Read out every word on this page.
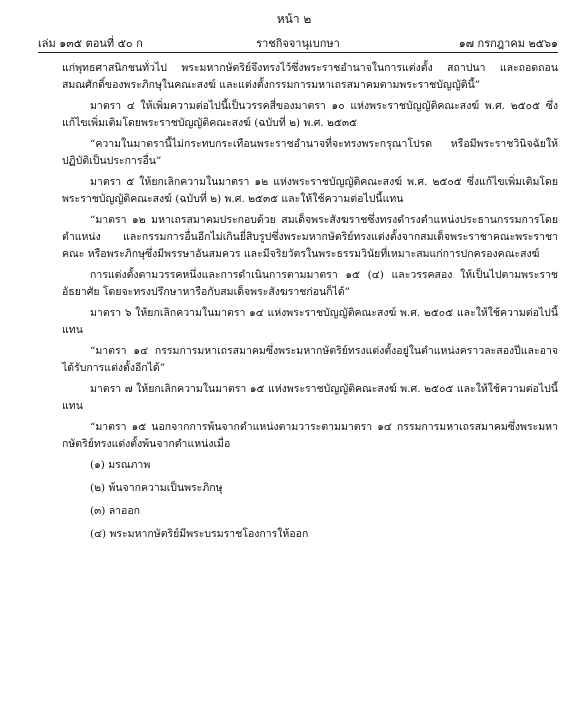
หน้า ๒
ราชกิจจานุเบกษา
เล่ม ๑๓๕ ตอนที่ ๕๐ ก	๑๗ กรกฎาคม ๒๕๖๑

แก่พุทธศาสนิกชนทั่วไป พระมหากษัตริย์จึงทรงไว้ซึ่งพระราชอำนาจในการแต่งตั้ง สถาปนา และถอดถอนสมณศักดิ์ของพระภิกษุในคณะสงฆ์ และแต่งตั้งกรรมการมหาเถรสมาคมตามพระราชบัญญัตินี้”

มาตรา ๔ ให้เพิ่มความต่อไปนี้เป็นวรรคสี่ของมาตรา ๑๐ แห่งพระราชบัญญัติคณะสงฆ์ พ.ศ. ๒๕๐๕ ซึ่งแก้ไขเพิ่มเติมโดยพระราชบัญญัติคณะสงฆ์ (ฉบับที่ ๒) พ.ศ. ๒๕๓๕

“ความในมาตรานี้ไม่กระทบกระเทือนพระราชอำนาจที่จะทรงพระกรุณาโปรด หรือมีพระราชวินิจฉัยให้ปฏิบัติเป็นประการอื่น”

มาตรา ๕ ให้ยกเลิกความในมาตรา ๑๒ แห่งพระราชบัญญัติคณะสงฆ์ พ.ศ. ๒๕๐๕ ซึ่งแก้ไขเพิ่มเติมโดยพระราชบัญญัติคณะสงฆ์ (ฉบับที่ ๒) พ.ศ. ๒๕๓๕ และให้ใช้ความต่อไปนี้แทน

“มาตรา ๑๒ มหาเถรสมาคมประกอบด้วย สมเด็จพระสังฆราชซึ่งทรงดำรงตำแหน่งประธานกรรมการโดยตำแหน่ง และกรรมการอื่นอีกไม่เกินยี่สิบรูปซึ่งพระมหากษัตริย์ทรงแต่งตั้งจากสมเด็จพระราชาคณะพระราชาคณะ หรือพระภิกษุซึ่งมีพรรษาอันสมควร และมีจริยวัตรในพระธรรมวินัยที่เหมาะสมแก่การปกครองคณะสงฆ์

การแต่งตั้งตามวรรคหนึ่งและการดำเนินการตามมาตรา ๑๕ (๔) และวรรคสอง ให้เป็นไปตามพระราชอัธยาศัย โดยจะทรงปรึกษาหารือกับสมเด็จพระสังฆราชก่อนก็ได้”

มาตรา ๖ ให้ยกเลิกความในมาตรา ๑๔ แห่งพระราชบัญญัติคณะสงฆ์ พ.ศ. ๒๕๐๕ และให้ใช้ความต่อไปนี้แทน

“มาตรา ๑๔ กรรมการมหาเถรสมาคมซึ่งพระมหากษัตริย์ทรงแต่งตั้งอยู่ในตำแหน่งคราวละสองปีและอาจได้รับการแต่งตั้งอีกได้”

มาตรา ๗ ให้ยกเลิกความในมาตรา ๑๕ แห่งพระราชบัญญัติคณะสงฆ์ พ.ศ. ๒๕๐๕ และให้ใช้ความต่อไปนี้แทน

“มาตรา ๑๕ นอกจากการพ้นจากตำแหน่งตามวาระตามมาตรา ๑๔ กรรมการมหาเถรสมาคมซึ่งพระมหากษัตริย์ทรงแต่งตั้งพ้นจากตำแหน่งเมื่อ

(๑) มรณภาพ

(๒) พ้นจากความเป็นพระภิกษุ

(๓) ลาออก

(๔) พระมหากษัตริย์มีพระบรมราชโองการให้ออก
